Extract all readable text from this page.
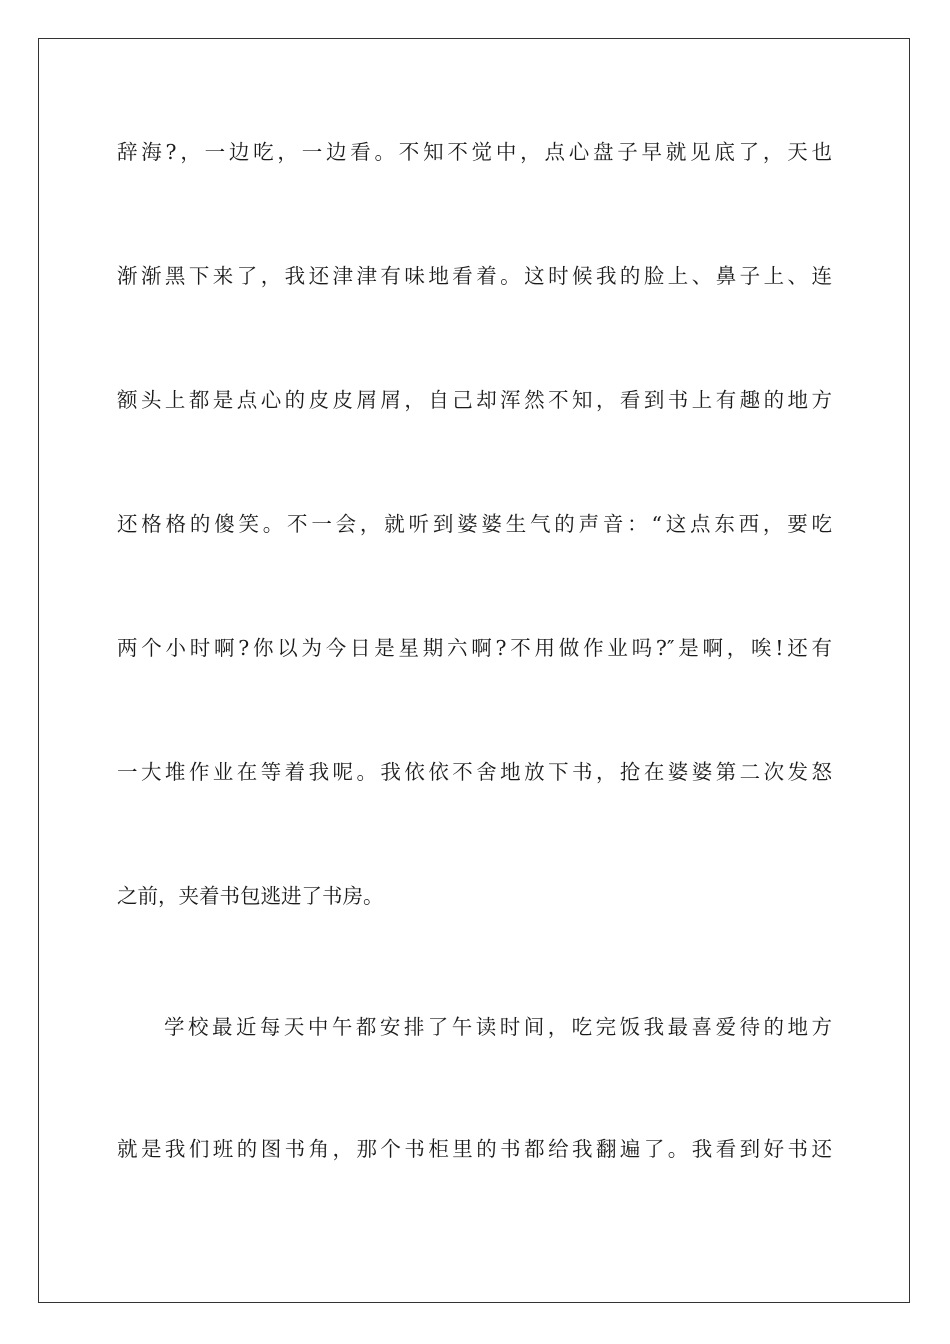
辞海?，一边吃，一边看。不知不觉中，点心盘子早就见底了，天也
渐渐黑下来了，我还津津有味地看着。这时候我的脸上、鼻子上、连
额头上都是点心的皮皮屑屑，自己却浑然不知，看到书上有趣的地方
还格格的傻笑。不一会，就听到婆婆生气的声音：“这点东西，要吃
两个小时啊?你以为今日是星期六啊?不用做作业吗?″是啊，唉!还有
一大堆作业在等着我呢。我依依不舍地放下书，抢在婆婆第二次发怒
之前，夹着书包逃进了书房。
学校最近每天中午都安排了午读时间，吃完饭我最喜爱待的地方
就是我们班的图书角，那个书柜里的书都给我翻遍了。我看到好书还
